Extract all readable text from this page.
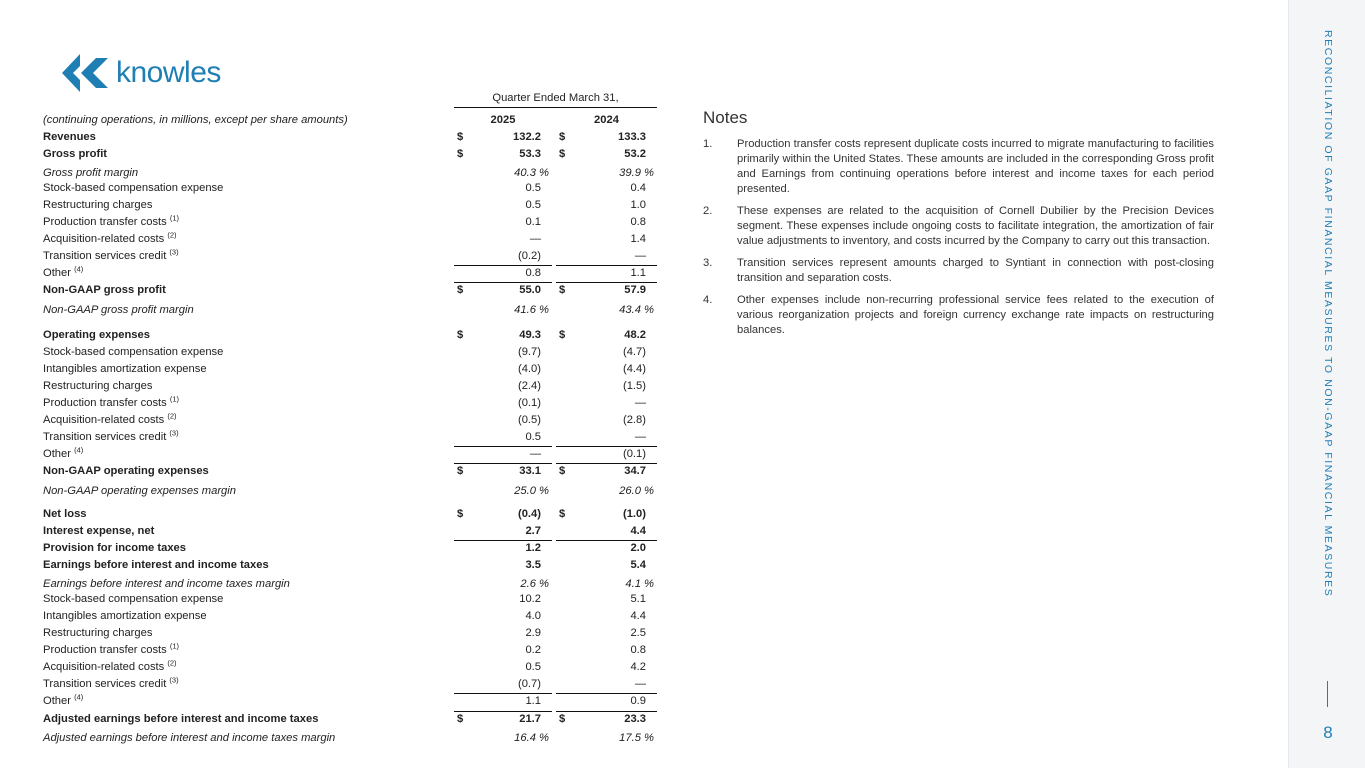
knowles
Quarter Ended March 31,
(continuing operations, in millions, except per share amounts)	2025	2024
Revenues	$	132.2 $	133.3
Gross profit	$	53.3 $	53.2
Gross profit margin	40.3 %	39.9 %
Stock-based compensation expense	0.5	0.4
Restructuring charges	0.5	1.0
Production transfer costs $^{(1)}$	0.1	0.8
Acquisition-related costs $^{(2)}$	—	1.4
Transition services credit $^{(3)}$	(0.2)	—
Other $^{(4)}$	0.8	1.1
Non-GAAP gross profit	$	55.0 $	57.9
Non-GAAP gross profit margin	41.6 %	43.4 %
Operating expenses	$	49.3 $	48.2
Stock-based compensation expense	(9.7)	(4.7)
Intangibles amortization expense	(4.0)	(4.4)
Restructuring charges	(2.4)	(1.5)
Production transfer costs $^{(1)}$	(0.1)	—
Acquisition-related costs $^{(2)}$	(0.5)	(2.8)
Transition services credit $^{(3)}$	0.5	—
Other $^{(4)}$	—	(0.1)
Non-GAAP operating expenses	$	33.1 $	34.7
Non-GAAP operating expenses margin	25.0 %	26.0 %
Net loss	$	(0.4) $	(1.0)
Interest expense, net	2.7	4.4
Provision for income taxes	1.2	2.0
Earnings before interest and income taxes	3.5	5.4
Earnings before interest and income taxes margin	2.6 %	4.1 %
Stock-based compensation expense	10.2	5.1
Intangibles amortization expense	4.0	4.4
Restructuring charges	2.9	2.5
Production transfer costs $^{(1)}$	0.2	0.8
Acquisition-related costs $^{(2)}$	0.5	4.2
Transition services credit $^{(3)}$	(0.7)	—
Other $^{(4)}$	1.1	0.9
Adjusted earnings before interest and income taxes	$	21.7 $	23.3
Adjusted earnings before interest and income taxes margin	16.4 %	17.5 %
Notes
1. Production transfer costs represent duplicate costs incurred to migrate manufacturing to facilities primarily within the United States. These amounts are included in the corresponding Gross profit and Earnings from continuing operations before interest and income taxes for each period presented.
2. These expenses are related to the acquisition of Cornell Dubilier by the Precision Devices segment. These expenses include ongoing costs to facilitate integration, the amortization of fair value adjustments to inventory, and costs incurred by the Company to carry out this transaction.
3. Transition services represent amounts charged to Syntiant in connection with post-closing transition and separation costs.
4. Other expenses include non-recurring professional service fees related to the execution of various reorganization projects and foreign currency exchange rate impacts on restructuring balances.	RECONCILIATION OF GAAP FINANCIAL MEASURES TO NON-GAAP FINANCIAL MEASURES
8
